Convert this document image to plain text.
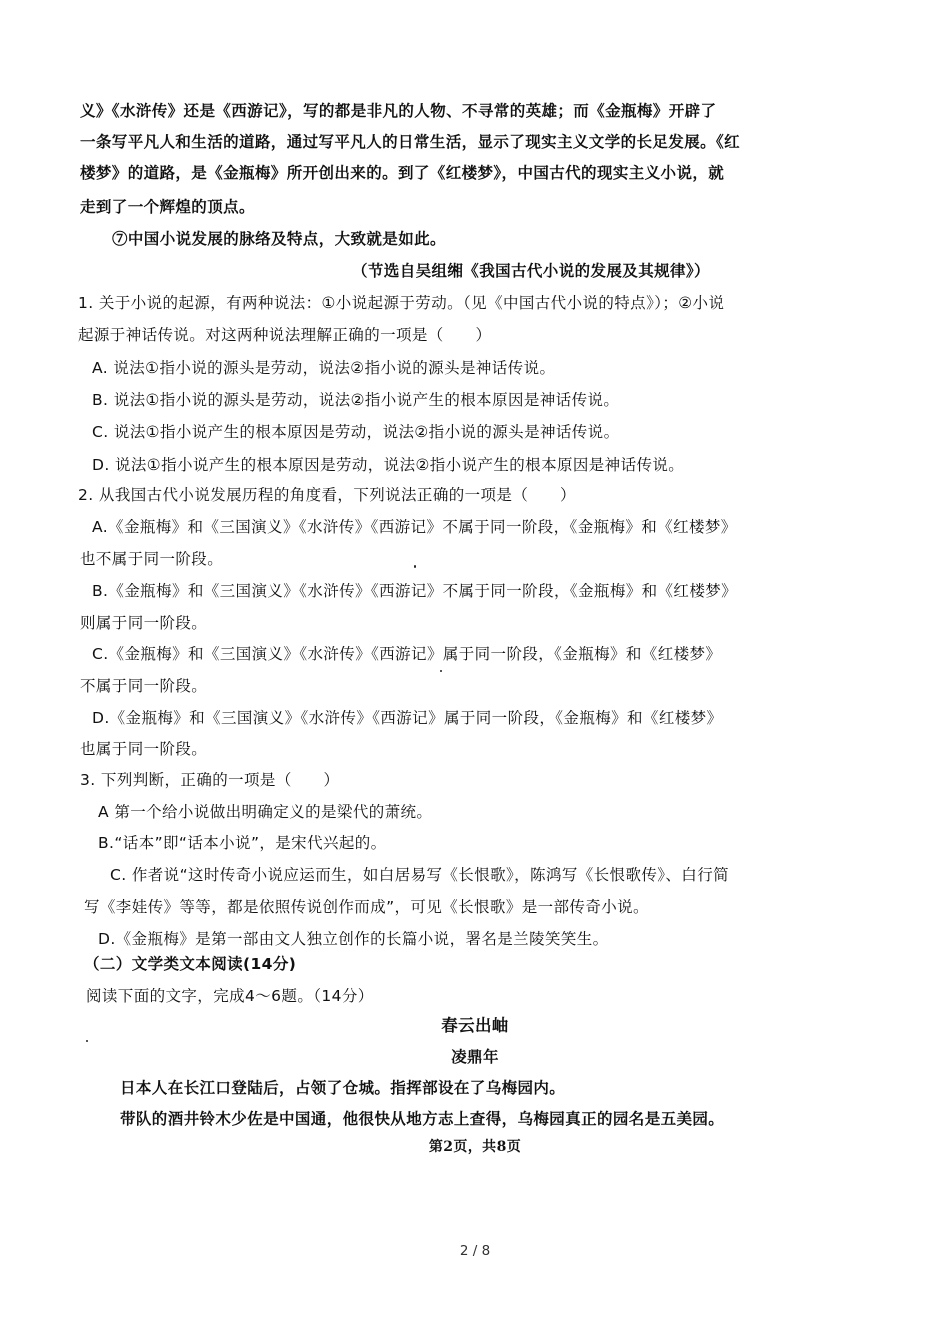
义》《水浒传》还是《西游记》，写的都是非凡的人物、不寻常的英雄；而《金瓶梅》开辟了
一条写平凡人和生活的道路，通过写平凡人的日常生活，显示了现实主义文学的长足发展。《红
楼梦》的道路，是《金瓶梅》所开创出来的。到了《红楼梦》，中国古代的现实主义小说，就
走到了一个辉煌的顶点。
⑦中国小说发展的脉络及特点，大致就是如此。
（节选自吴组缃《我国古代小说的发展及其规律》）
1. 关于小说的起源，有两种说法：①小说起源于劳动。（见《中国古代小说的特点》）；②小说
起源于神话传说。对这两种说法理解正确的一项是（　　）
A. 说法①指小说的源头是劳动，说法②指小说的源头是神话传说。
B. 说法①指小说的源头是劳动，说法②指小说产生的根本原因是神话传说。
C. 说法①指小说产生的根本原因是劳动，说法②指小说的源头是神话传说。
D. 说法①指小说产生的根本原因是劳动，说法②指小说产生的根本原因是神话传说。
2. 从我国古代小说发展历程的角度看，下列说法正确的一项是（　　）
A.《金瓶梅》和《三国演义》《水浒传》《西游记》不属于同一阶段，《金瓶梅》和《红楼梦》
也不属于同一阶段。
B.《金瓶梅》和《三国演义》《水浒传》《西游记》不属于同一阶段，《金瓶梅》和《红楼梦》
则属于同一阶段。
C.《金瓶梅》和《三国演义》《水浒传》《西游记》属于同一阶段，《金瓶梅》和《红楼梦》
不属于同一阶段。
D.《金瓶梅》和《三国演义》《水浒传》《西游记》属于同一阶段，《金瓶梅》和《红楼梦》
也属于同一阶段。
3. 下列判断，正确的一项是（　　）
A 第一个给小说做出明确定义的是梁代的萧统。
B.“话本”即“话本小说”，是宋代兴起的。
C. 作者说“这时传奇小说应运而生，如白居易写《长恨歌》，陈鸿写《长恨歌传》、白行简
写《李娃传》等等，都是依照传说创作而成”，可见《长恨歌》是一部传奇小说。
D.《金瓶梅》是第一部由文人独立创作的长篇小说，署名是兰陵笑笑生。
（二）文学类文本阅读(14分)
阅读下面的文字，完成4～6题。（14分）
春云出岫
凌鼎年
日本人在长江口登陆后，占领了仓城。指挥部设在了乌梅园内。
带队的酒井铃木少佐是中国通，他很快从地方志上查得，乌梅园真正的园名是五美园。
第2页，共8页
2 / 8
